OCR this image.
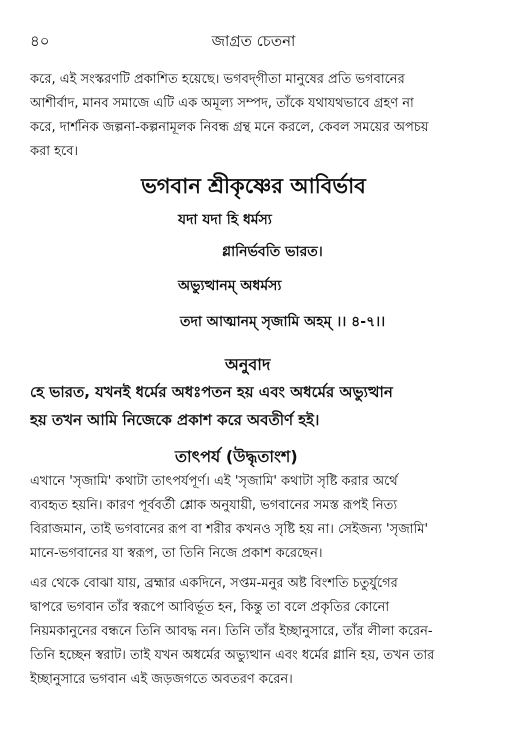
৪০	জাগ্রত চেতনা
করে, এই সংস্করণটি প্রকাশিত হয়েছে। ভগবদ্‌গীতা মানুষের প্রতি ভগবানের
আশীর্বাদ, মানব সমাজে এটি এক অমূল্য সম্পদ, তাঁকে যথাযথভাবে গ্রহণ না
করে, দার্শনিক জল্পনা-কল্পনামূলক নিবন্ধ গ্রন্থ মনে করলে, কেবল সময়ের অপচয়
করা হবে।
ভগবান শ্রীকৃষ্ণের আবির্ভাব
যদা যদা হি ধর্মস্য
গ্লানির্ভবতি ভারত।
অভ্যুত্থানম্ অধর্মস্য
তদা আত্মানম্ সৃজামি অহম্ ।। ৪-৭।।
অনুবাদ
হে ভারত, যখনই ধর্মের অধঃপতন হয় এবং অধর্মের অভ্যুত্থান
হয় তখন আমি নিজেকে প্রকাশ করে অবতীর্ণ হই।
তাৎপর্য (উদ্ধৃতাংশ)
এখানে 'সৃজামি' কথাটা তাৎপর্যপূর্ণ। এই 'সৃজামি' কথাটা সৃষ্টি করার অর্থে
ব্যবহৃত হয়নি। কারণ পূর্ববর্তী শ্লোক অনুযায়ী, ভগবানের সমস্ত রূপই নিত্য
বিরাজমান, তাই ভগবানের রূপ বা শরীর কখনও সৃষ্টি হয় না। সেইজন্য 'সৃজামি'
মানে-ভগবানের যা স্বরূপ, তা তিনি নিজে প্রকাশ করেছেন।
এর থেকে বোঝা যায়, ব্রহ্মার একদিনে, সপ্তম-মনুর অষ্ট বিংশতি চতুর্যুগের
দ্বাপরে ভগবান তাঁর স্বরূপে আবির্ভূত হন, কিন্তু তা বলে প্রকৃতির কোনো
নিয়মকানুনের বন্ধনে তিনি আবদ্ধ নন। তিনি তাঁর ইচ্ছানুসারে, তাঁর লীলা করেন-
তিনি হচ্ছেন স্বরাট। তাই যখন অধর্মের অভ্যুত্থান এবং ধর্মের গ্লানি হয়, তখন তার
ইচ্ছানুসারে ভগবান এই জড়জগতে অবতরণ করেন।
